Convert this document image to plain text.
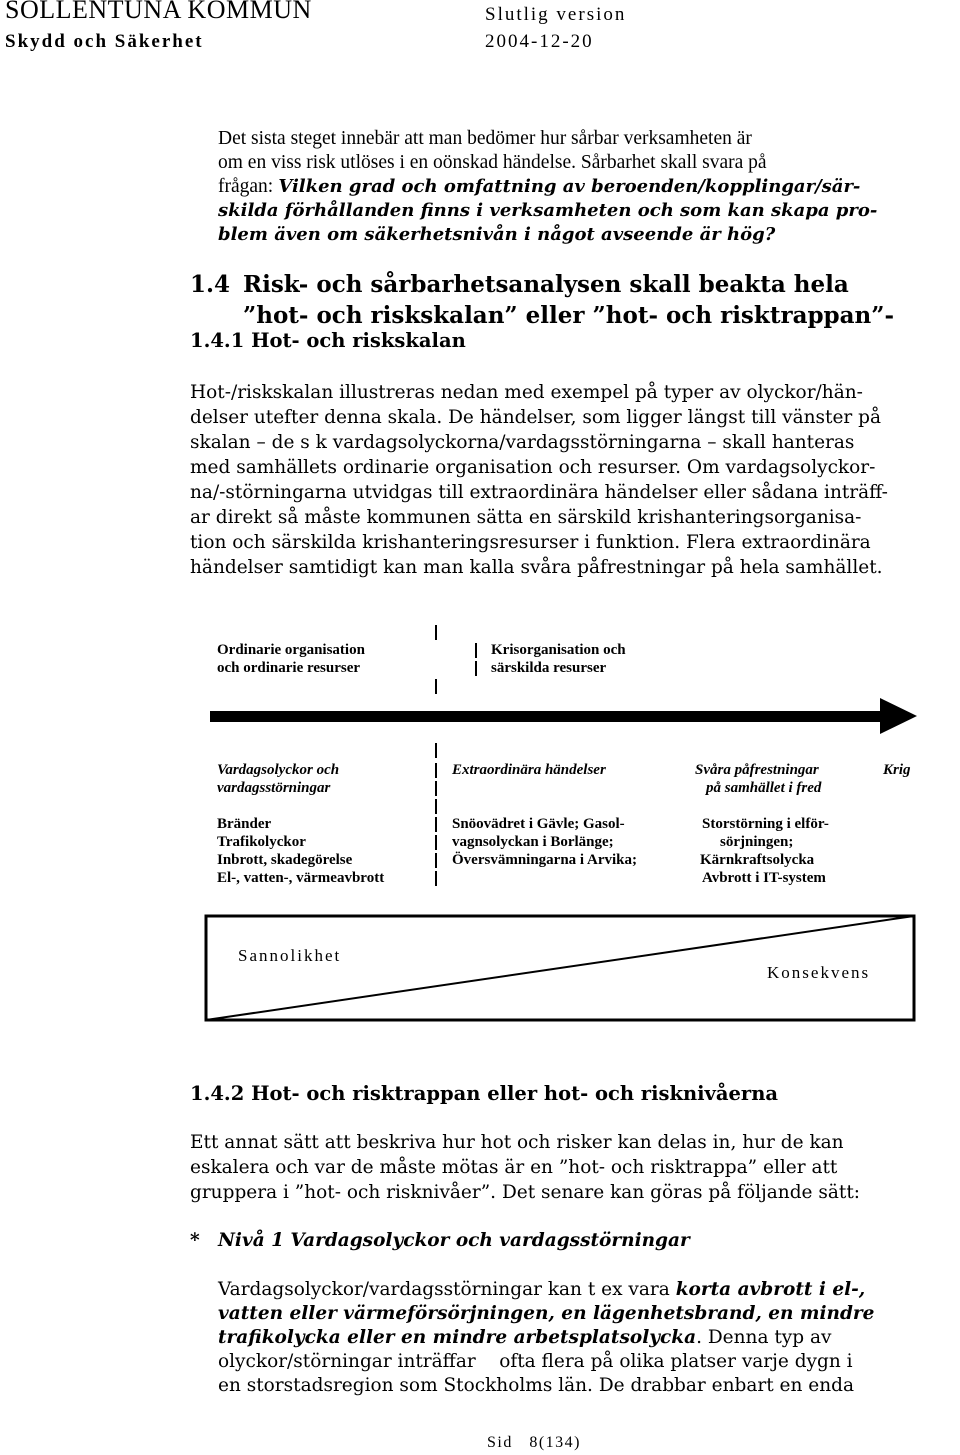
SOLLENTUNA KOMMUN
Skydd och Säkerhet
Slutlig version
2004-12-20
Det sista steget innebär att man bedömer hur sårbar verksamheten är
om en viss risk utlöses i en oönskad händelse. Sårbarhet skall svara på
frågan: Vilken grad och omfattning av beroenden/kopplingar/sär-
skilda förhållanden finns i verksamheten och som kan skapa pro-
blem även om säkerhetsnivån i något avseende är hög?
1.4 Risk- och sårbarhetsanalysen skall beakta hela
”hot- och riskskalan” eller ”hot- och risktrappan”-
1.4.1 Hot- och riskskalan
Hot-/riskskalan illustreras nedan med exempel på typer av olyckor/hän-
delser utefter denna skala. De händelser, som ligger längst till vänster på
skalan – de s k vardagsolyckorna/vardagsstörningarna – skall hanteras
med samhällets ordinarie organisation och resurser. Om vardagsolyckor-
na/-störningarna utvidgas till extraordinära händelser eller sådana inträff-
ar direkt så måste kommunen sätta en särskild krishanteringsorganisa-
tion och särskilda krishanteringsresurser i funktion. Flera extraordinära
händelser samtidigt kan man kalla svåra påfrestningar på hela samhället.
Ordinarie organisation
och ordinarie resurser
Krisorganisation och
särskilda resurser
Vardagsolyckor och
vardagsstörningar
Extraordinära händelser	Svåra påfrestningar
på samhället i fred
Krig
Bränder
Trafikolyckor
Inbrott, skadegörelse
El-, vatten-, värmeavbrott
Snöovädret i Gävle; Gasol-
vagnsolyckan i Borlänge;
Översvämningarna i Arvika;
Storstörning i elför-
sörjningen;
Kärnkraftsolycka
Avbrott i IT-system
Sannolikhet
Konsekvens
1.4.2 Hot- och risktrappan eller hot- och risknivåerna
Ett annat sätt att beskriva hur hot och risker kan delas in, hur de kan
eskalera och var de måste mötas är en ”hot- och risktrappa” eller att
gruppera i ”hot- och risknivåer”. Det senare kan göras på följande sätt:
* Nivå 1 Vardagsolyckor och vardagsstörningar
Vardagsolyckor/vardagsstörningar kan t ex vara korta avbrott i el-,
vatten eller värmeförsörjningen, en lägenhetsbrand, en mindre
trafikolycka eller en mindre arbetsplatsolycka. Denna typ av
olyckor/störningar inträffar    ofta flera på olika platser varje dygn i
en storstadsregion som Stockholms län. De drabbar enbart en enda
Sid   8(134)
